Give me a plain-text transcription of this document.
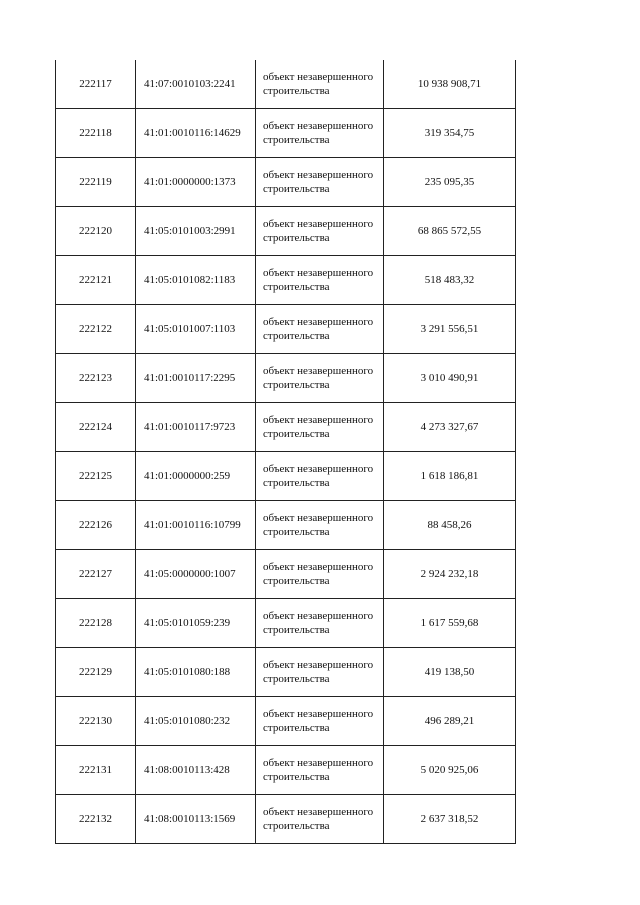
222117	41:07:0010103:2241	объект незавершенного строительства	10 938 908,71
222118	41:01:0010116:14629	объект незавершенного строительства	319 354,75
222119	41:01:0000000:1373	объект незавершенного строительства	235 095,35
222120	41:05:0101003:2991	объект незавершенного строительства	68 865 572,55
222121	41:05:0101082:1183	объект незавершенного строительства	518 483,32
222122	41:05:0101007:1103	объект незавершенного строительства	3 291 556,51
222123	41:01:0010117:2295	объект незавершенного строительства	3 010 490,91
222124	41:01:0010117:9723	объект незавершенного строительства	4 273 327,67
222125	41:01:0000000:259	объект незавершенного строительства	1 618 186,81
222126	41:01:0010116:10799	объект незавершенного строительства	88 458,26
222127	41:05:0000000:1007	объект незавершенного строительства	2 924 232,18
222128	41:05:0101059:239	объект незавершенного строительства	1 617 559,68
222129	41:05:0101080:188	объект незавершенного строительства	419 138,50
222130	41:05:0101080:232	объект незавершенного строительства	496 289,21
222131	41:08:0010113:428	объект незавершенного строительства	5 020 925,06
222132	41:08:0010113:1569	объект незавершенного строительства	2 637 318,52
